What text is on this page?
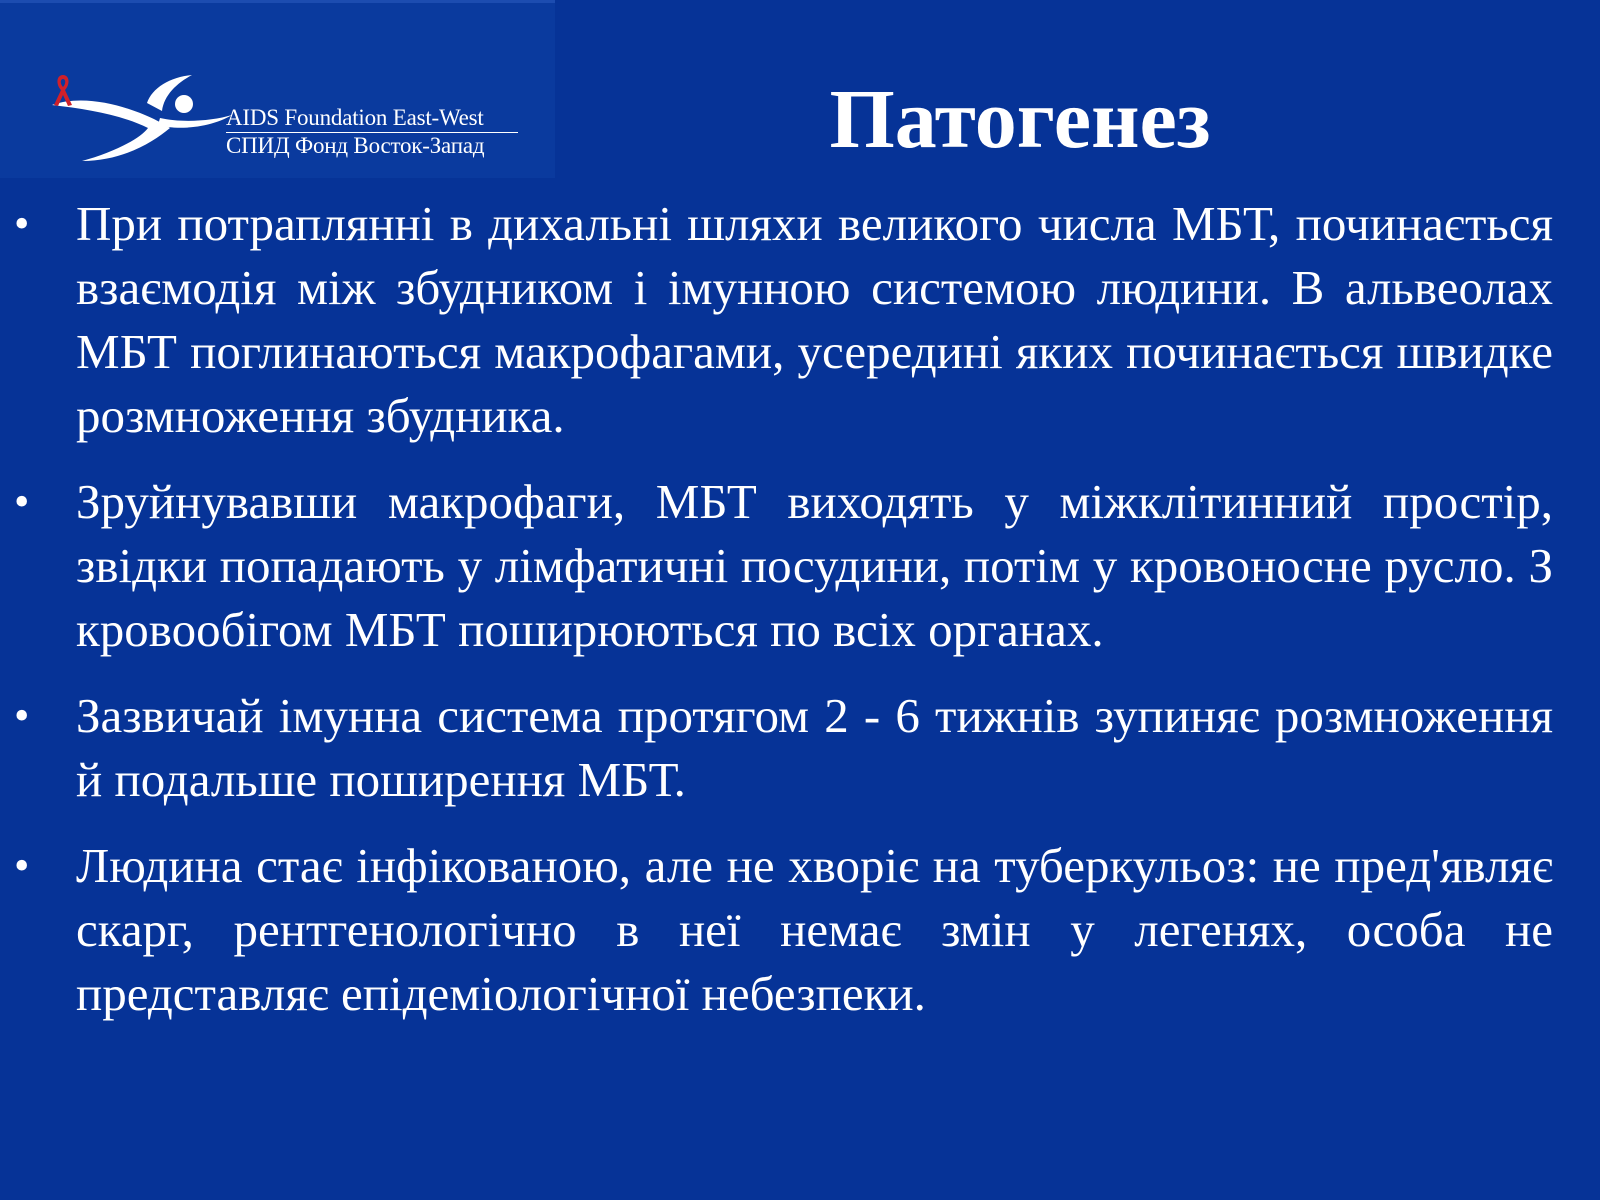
AIDS Foundation East-West
СПИД Фонд Восток-Запад	Патогенез
• При потраплянні в дихальні шляхи великого числа МБТ, починається взаємодія між збудником і імунною системою людини. В альвеолах МБТ поглинаються макрофагами, усередині яких починається швидке розмноження збудника.
• Зруйнувавши макрофаги, МБТ виходять у міжклітинний простір, звідки попадають у лімфатичні посудини, потім у кровоносне русло. З кровообігом МБТ поширюються по всіх органах.
• Зазвичай імунна система протягом 2 - 6 тижнів зупиняє розмноження й подальше поширення МБТ.
• Людина стає інфікованою, але не хворіє на туберкульоз: не пред'являє скарг, рентгенологічно в неї немає змін у легенях, особа не представляє епідеміологічної небезпеки.
